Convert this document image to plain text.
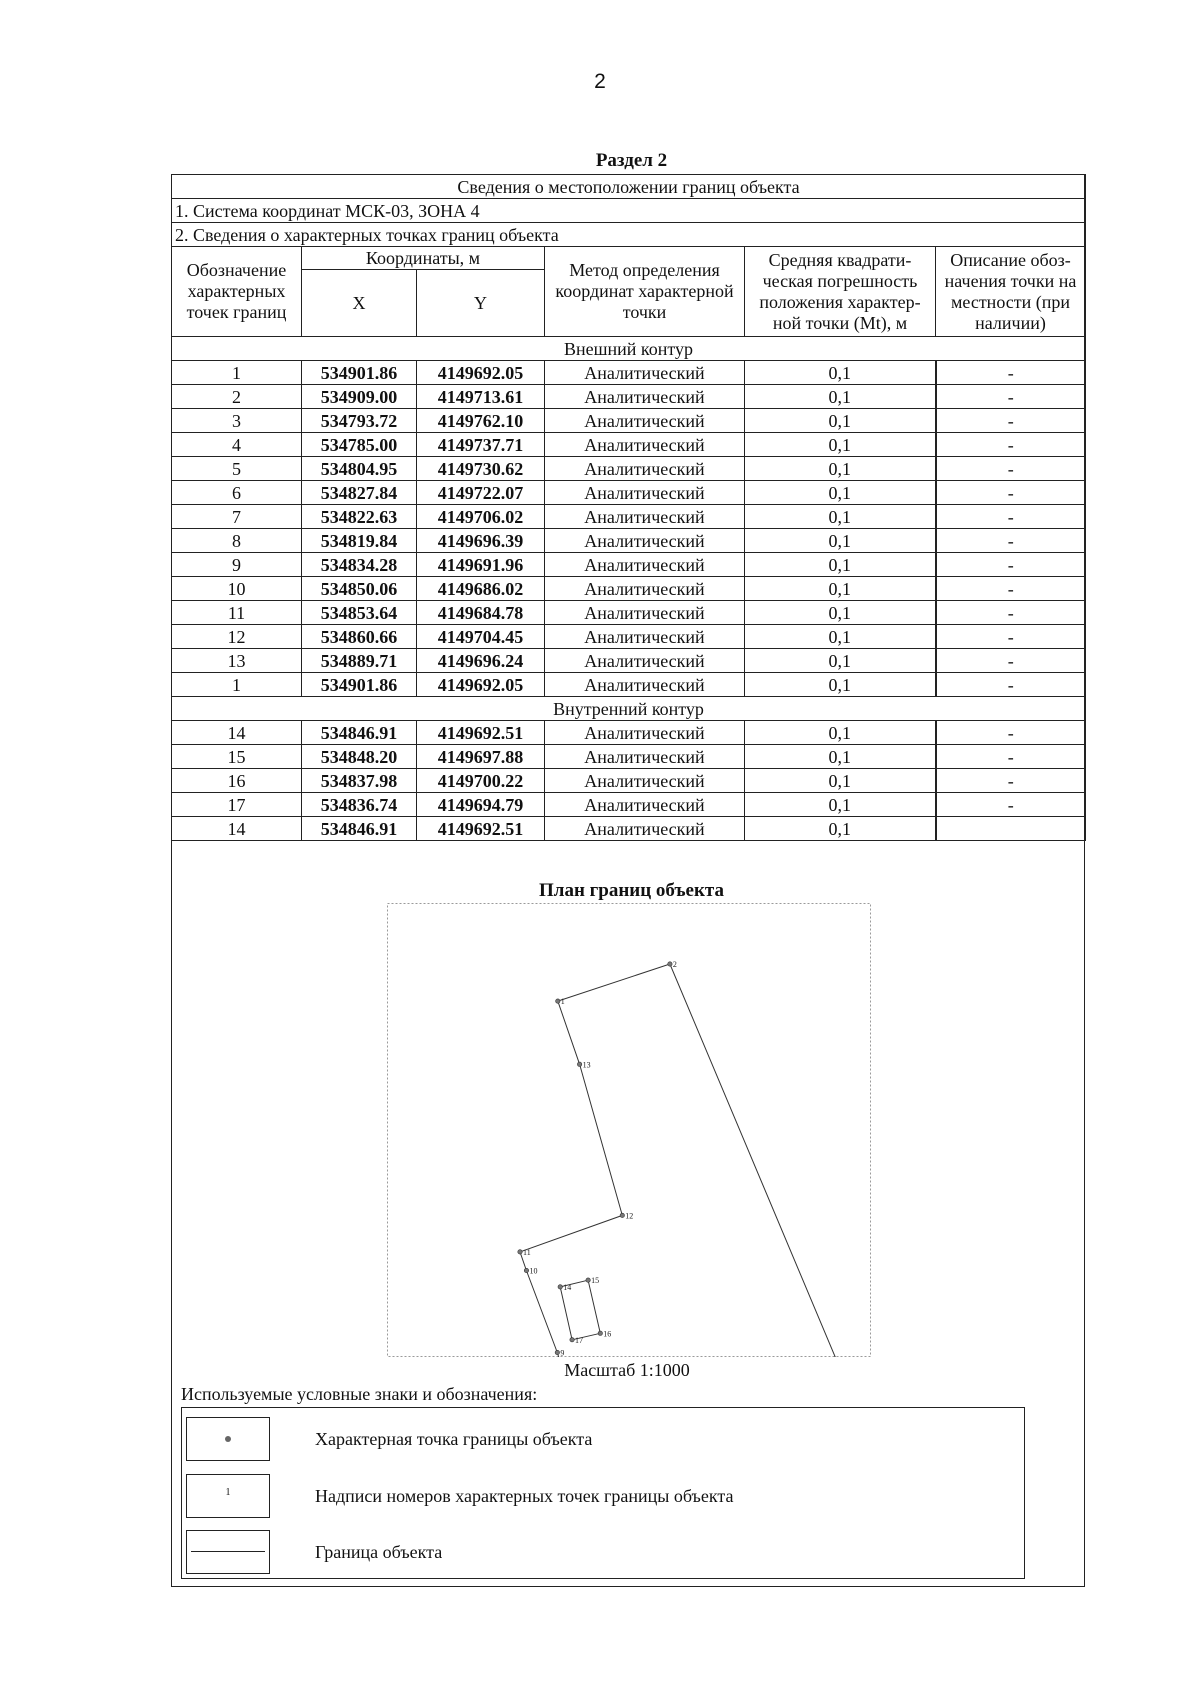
2
Раздел 2
Сведения о местоположении границ объекта					
1. Система координат МСК-03, ЗОНА 4					
2. Сведения о характерных точках границ объекта					
Обозначение характерных точек границ	Координаты, м		Метод определения координат характерной точки	Средняя квадрати-ческая погрешность положения характер-ной точки (Mt), м	Описание обоз-начения точки на местности (при наличии)
	X	Y			
Внешний контур					
1	534901.86	4149692.05	Аналитический	0,1	-
2	534909.00	4149713.61	Аналитический	0,1	-
3	534793.72	4149762.10	Аналитический	0,1	-
4	534785.00	4149737.71	Аналитический	0,1	-
5	534804.95	4149730.62	Аналитический	0,1	-
6	534827.84	4149722.07	Аналитический	0,1	-
7	534822.63	4149706.02	Аналитический	0,1	-
8	534819.84	4149696.39	Аналитический	0,1	-
9	534834.28	4149691.96	Аналитический	0,1	-
10	534850.06	4149686.02	Аналитический	0,1	-
11	534853.64	4149684.78	Аналитический	0,1	-
12	534860.66	4149704.45	Аналитический	0,1	-
13	534889.71	4149696.24	Аналитический	0,1	-
1	534901.86	4149692.05	Аналитический	0,1	-
Внутренний контур					
14	534846.91	4149692.51	Аналитический	0,1	-
15	534848.20	4149697.88	Аналитический	0,1	-
16	534837.98	4149700.22	Аналитический	0,1	-
17	534836.74	4149694.79	Аналитический	0,1	-
14	534846.91	4149692.51	Аналитический	0,1	
План границ объекта
1
2
9
10
11
12
13
14
15
16
17
Масштаб 1:1000
Используемые условные знаки и обозначения:
Характерная точка границы объекта
1	Надписи номеров характерных точек границы объекта
Граница объекта
